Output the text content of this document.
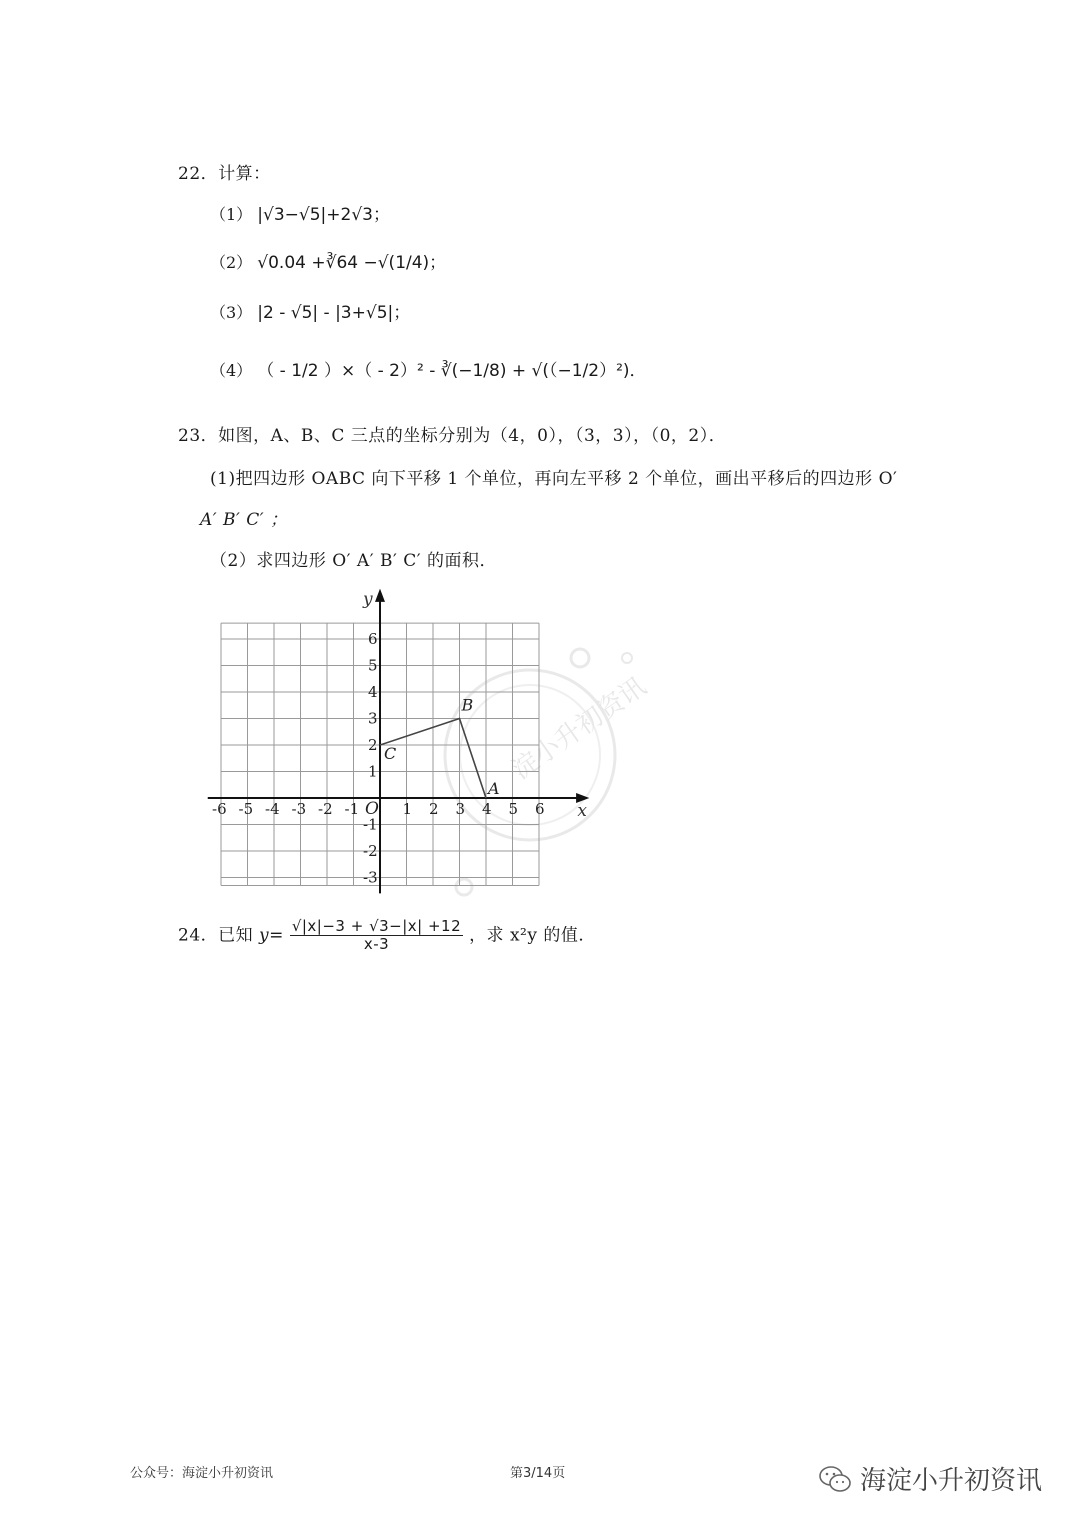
22．计算：
（1） |√3−√5|+2√3；
（2） √0.04 +∛64 −√(1/4)；
（3） |2 - √5| - |3+√5|；
（4） （ - 1/2 ）×（ - 2）² - ∛(−1/8) + √(（−1/2）²)．
23．如图，A、B、C 三点的坐标分别为（4，0），（3，3），（0，2）．
(1)把四边形 OABC 向下平移 1 个单位，再向左平移 2 个单位，画出平移后的四边形 O′
A′ B′ C′ ；
（2）求四边形 O′ A′ B′ C′ 的面积．
淀小升初资讯
-6 -5 -4 -3 -2 -1	1 2 3 4 5 6
6
5
4
3
2
1
-1
-2
-3
A
B
C
x
y
O
24．已知 $y= \frac{√|x|-3 + √3-|x| +12}{x-3}$ ，求 x²y 的值．
公众号：海淀小升初资讯	第3/14页	海淀小升初资讯
